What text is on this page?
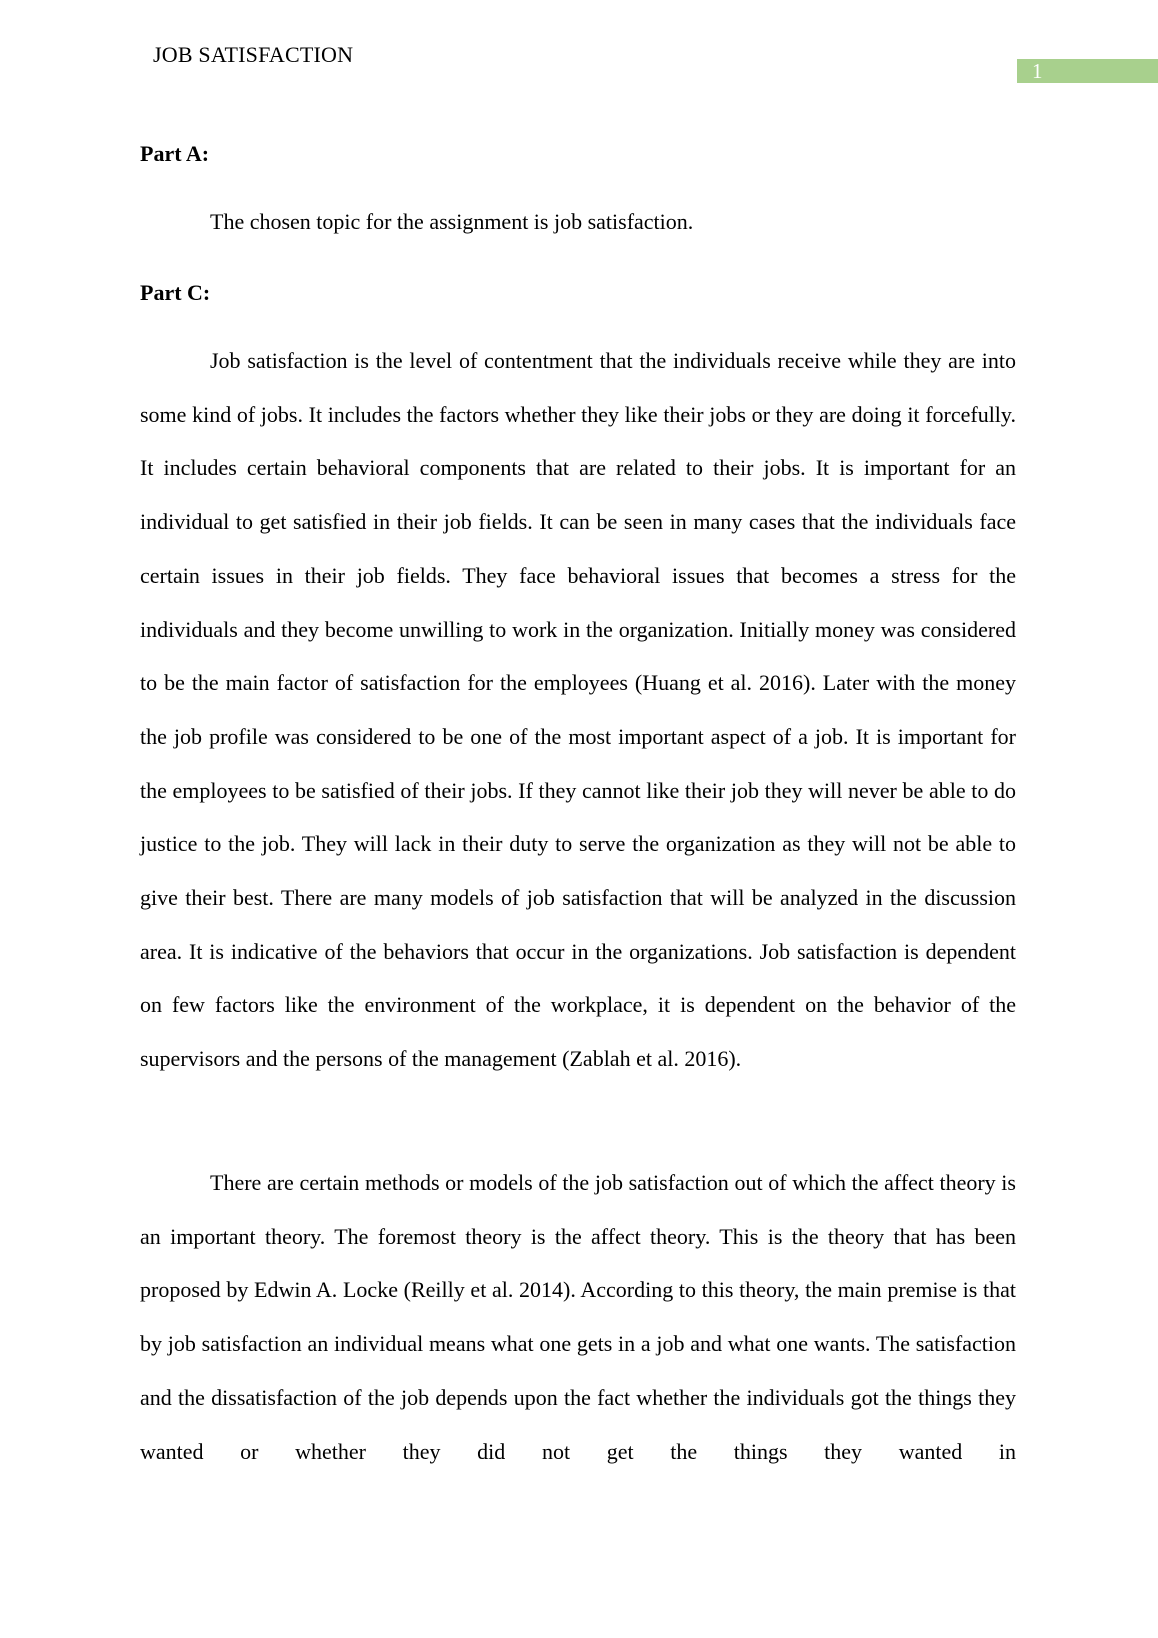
JOB SATISFACTION
1
Part A:

The chosen topic for the assignment is job satisfaction.

Part C:

Job satisfaction is the level of contentment that the individuals receive while they are into some kind of jobs. It includes the factors whether they like their jobs or they are doing it forcefully. It includes certain behavioral components that are related to their jobs. It is important for an individual to get satisfied in their job fields. It can be seen in many cases that the individuals face certain issues in their job fields. They face behavioral issues that becomes a stress for the individuals and they become unwilling to work in the organization. Initially money was considered to be the main factor of satisfaction for the employees (Huang et al. 2016). Later with the money the job profile was considered to be one of the most important aspect of a job. It is important for the employees to be satisfied of their jobs. If they cannot like their job they will never be able to do justice to the job. They will lack in their duty to serve the organization as they will not be able to give their best. There are many models of job satisfaction that will be analyzed in the discussion area. It is indicative of the behaviors that occur in the organizations. Job satisfaction is dependent on few factors like the environment of the workplace, it is dependent on the behavior of the supervisors and the persons of the management (Zablah et al. 2016).

There are certain methods or models of the job satisfaction out of which the affect theory is an important theory. The foremost theory is the affect theory. This is the theory that has been proposed by Edwin A. Locke (Reilly et al. 2014). According to this theory, the main premise is that by job satisfaction an individual means what one gets in a job and what one wants. The satisfaction and the dissatisfaction of the job depends upon the fact whether the individuals got the things they wanted or whether they did not get the things they wanted in
